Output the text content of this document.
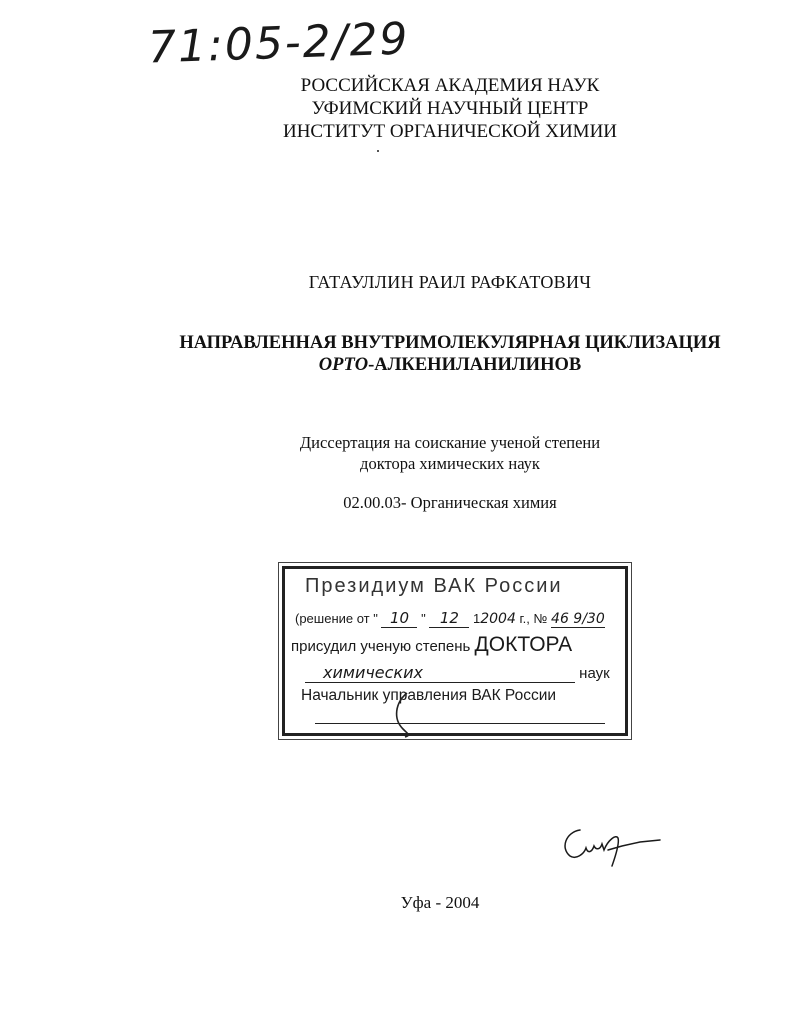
71:05-2/29
РОССИЙСКАЯ АКАДЕМИЯ НАУК
УФИМСКИЙ НАУЧНЫЙ ЦЕНТР
ИНСТИТУТ ОРГАНИЧЕСКОЙ ХИМИИ
ГАТАУЛЛИН РАИЛ РАФКАТОВИЧ
НАПРАВЛЕННАЯ ВНУТРИМОЛЕКУЛЯРНАЯ ЦИКЛИЗАЦИЯ
ОРТО-АЛКЕНИЛАНИЛИНОВ
Диссертация на соискание ученой степени
доктора химических наук
02.00.03- Органическая химия
Президиум ВАК России
(решение от " 10 " 12 12004 г., № 46 9/30
присудил ученую степень ДОКТОРА
химических	наук
Начальник управления ВАК России
Уфа - 2004
